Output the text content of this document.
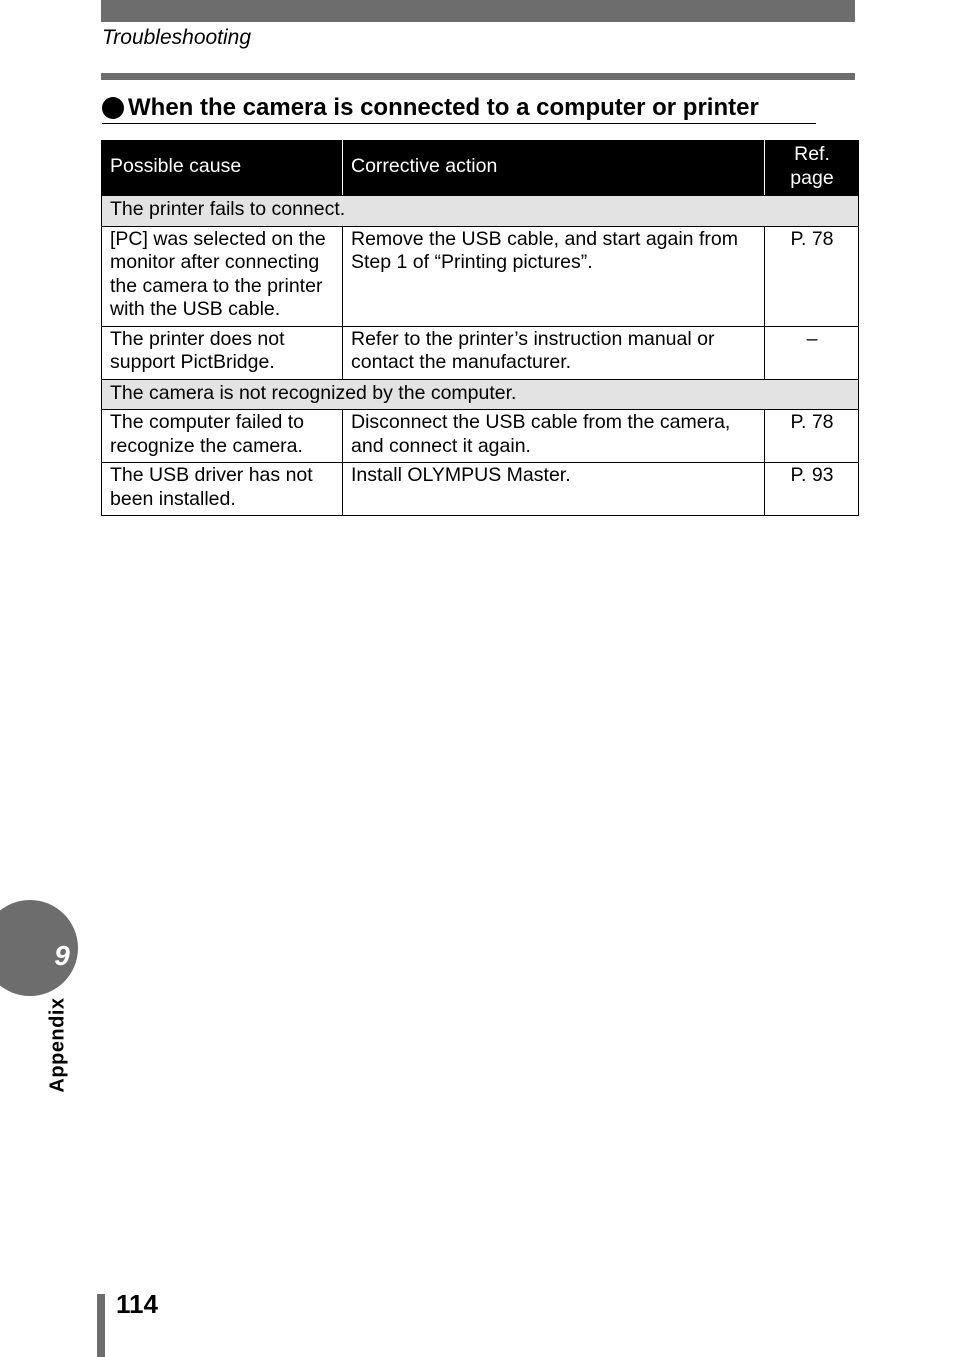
Troubleshooting
When the camera is connected to a computer or printer
Possible cause	Corrective action	Ref. page
The printer fails to connect.		
[PC] was selected on the monitor after connecting the camera to the printer with the USB cable.	Remove the USB cable, and start again from Step 1 of “Printing pictures”.	P. 78
The printer does not support PictBridge.	Refer to the printer’s instruction manual or contact the manufacturer.	–
The camera is not recognized by the computer.		
The computer failed to recognize the camera.	Disconnect the USB cable from the camera, and connect it again.	P. 78
The USB driver has not been installed.	Install OLYMPUS Master.	P. 93
9
Appendix
114
